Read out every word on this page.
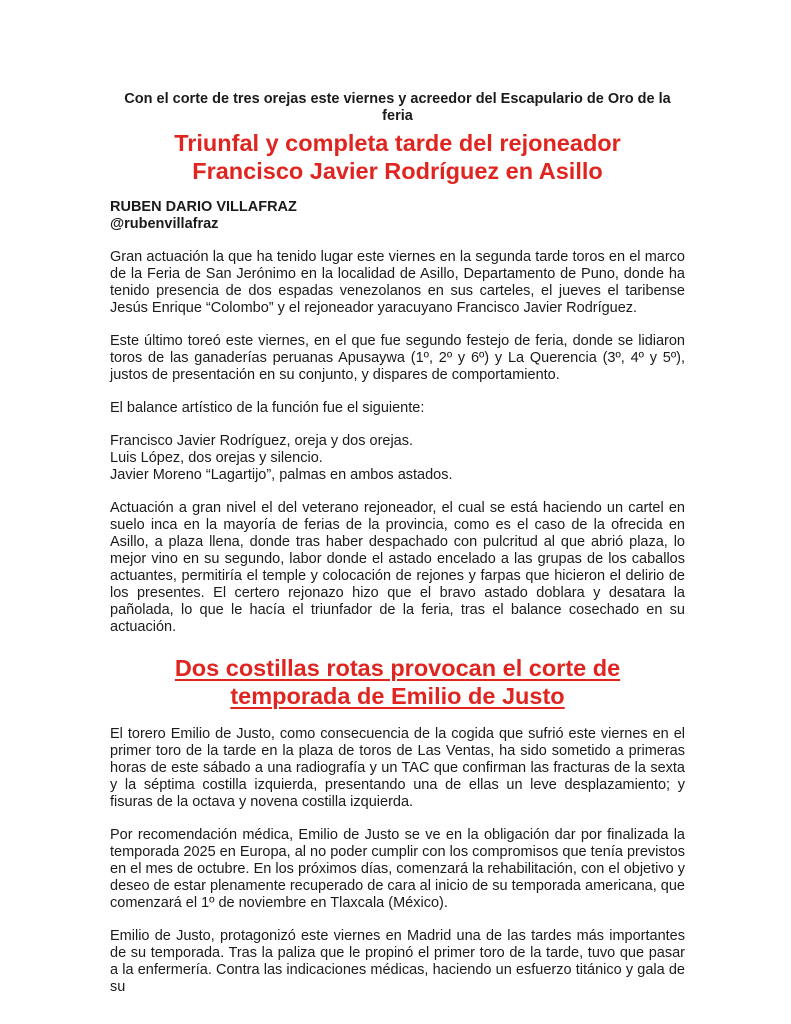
Con el corte de tres orejas este viernes y acreedor del Escapulario de Oro de la feria
Triunfal y completa tarde del rejoneador
Francisco Javier Rodríguez en Asillo
RUBEN DARIO VILLAFRAZ
@rubenvillafraz

Gran actuación la que ha tenido lugar este viernes en la segunda tarde toros en el marco de la Feria de San Jerónimo en la localidad de Asillo, Departamento de Puno, donde ha tenido presencia de dos espadas venezolanos en sus carteles, el jueves el taribense Jesús Enrique “Colombo” y el rejoneador yaracuyano Francisco Javier Rodríguez.

Este último toreó este viernes, en el que fue segundo festejo de feria, donde se lidiaron toros de las ganaderías peruanas Apusaywa (1º, 2º y 6º) y La Querencia (3º, 4º y 5º), justos de presentación en su conjunto, y dispares de comportamiento.

El balance artístico de la función fue el siguiente:

Francisco Javier Rodríguez, oreja y dos orejas.
Luis López, dos orejas y silencio.
Javier Moreno “Lagartijo”, palmas en ambos astados.

Actuación a gran nivel el del veterano rejoneador, el cual se está haciendo un cartel en suelo inca en la mayoría de ferias de la provincia, como es el caso de la ofrecida en Asillo, a plaza llena, donde tras haber despachado con pulcritud al que abrió plaza, lo mejor vino en su segundo, labor donde el astado encelado a las grupas de los caballos actuantes, permitiría el temple y colocación de rejones y farpas que hicieron el delirio de los presentes. El certero rejonazo hizo que el bravo astado doblara y desatara la pañolada, lo que le hacía el triunfador de la feria, tras el balance cosechado en su actuación.

Dos costillas rotas provocan el corte de
temporada de Emilio de Justo

El torero Emilio de Justo, como consecuencia de la cogida que sufrió este viernes en el primer toro de la tarde en la plaza de toros de Las Ventas, ha sido sometido a primeras horas de este sábado a una radiografía y un TAC que confirman las fracturas de la sexta y la séptima costilla izquierda, presentando una de ellas un leve desplazamiento; y fisuras de la octava y novena costilla izquierda.

Por recomendación médica, Emilio de Justo se ve en la obligación dar por finalizada la temporada 2025 en Europa, al no poder cumplir con los compromisos que tenía previstos en el mes de octubre. En los próximos días, comenzará la rehabilitación, con el objetivo y deseo de estar plenamente recuperado de cara al inicio de su temporada americana, que comenzará el 1º de noviembre en Tlaxcala (México).

Emilio de Justo, protagonizó este viernes en Madrid una de las tardes más importantes de su temporada. Tras la paliza que le propinó el primer toro de la tarde, tuvo que pasar a la enfermería. Contra las indicaciones médicas, haciendo un esfuerzo titánico y gala de su
